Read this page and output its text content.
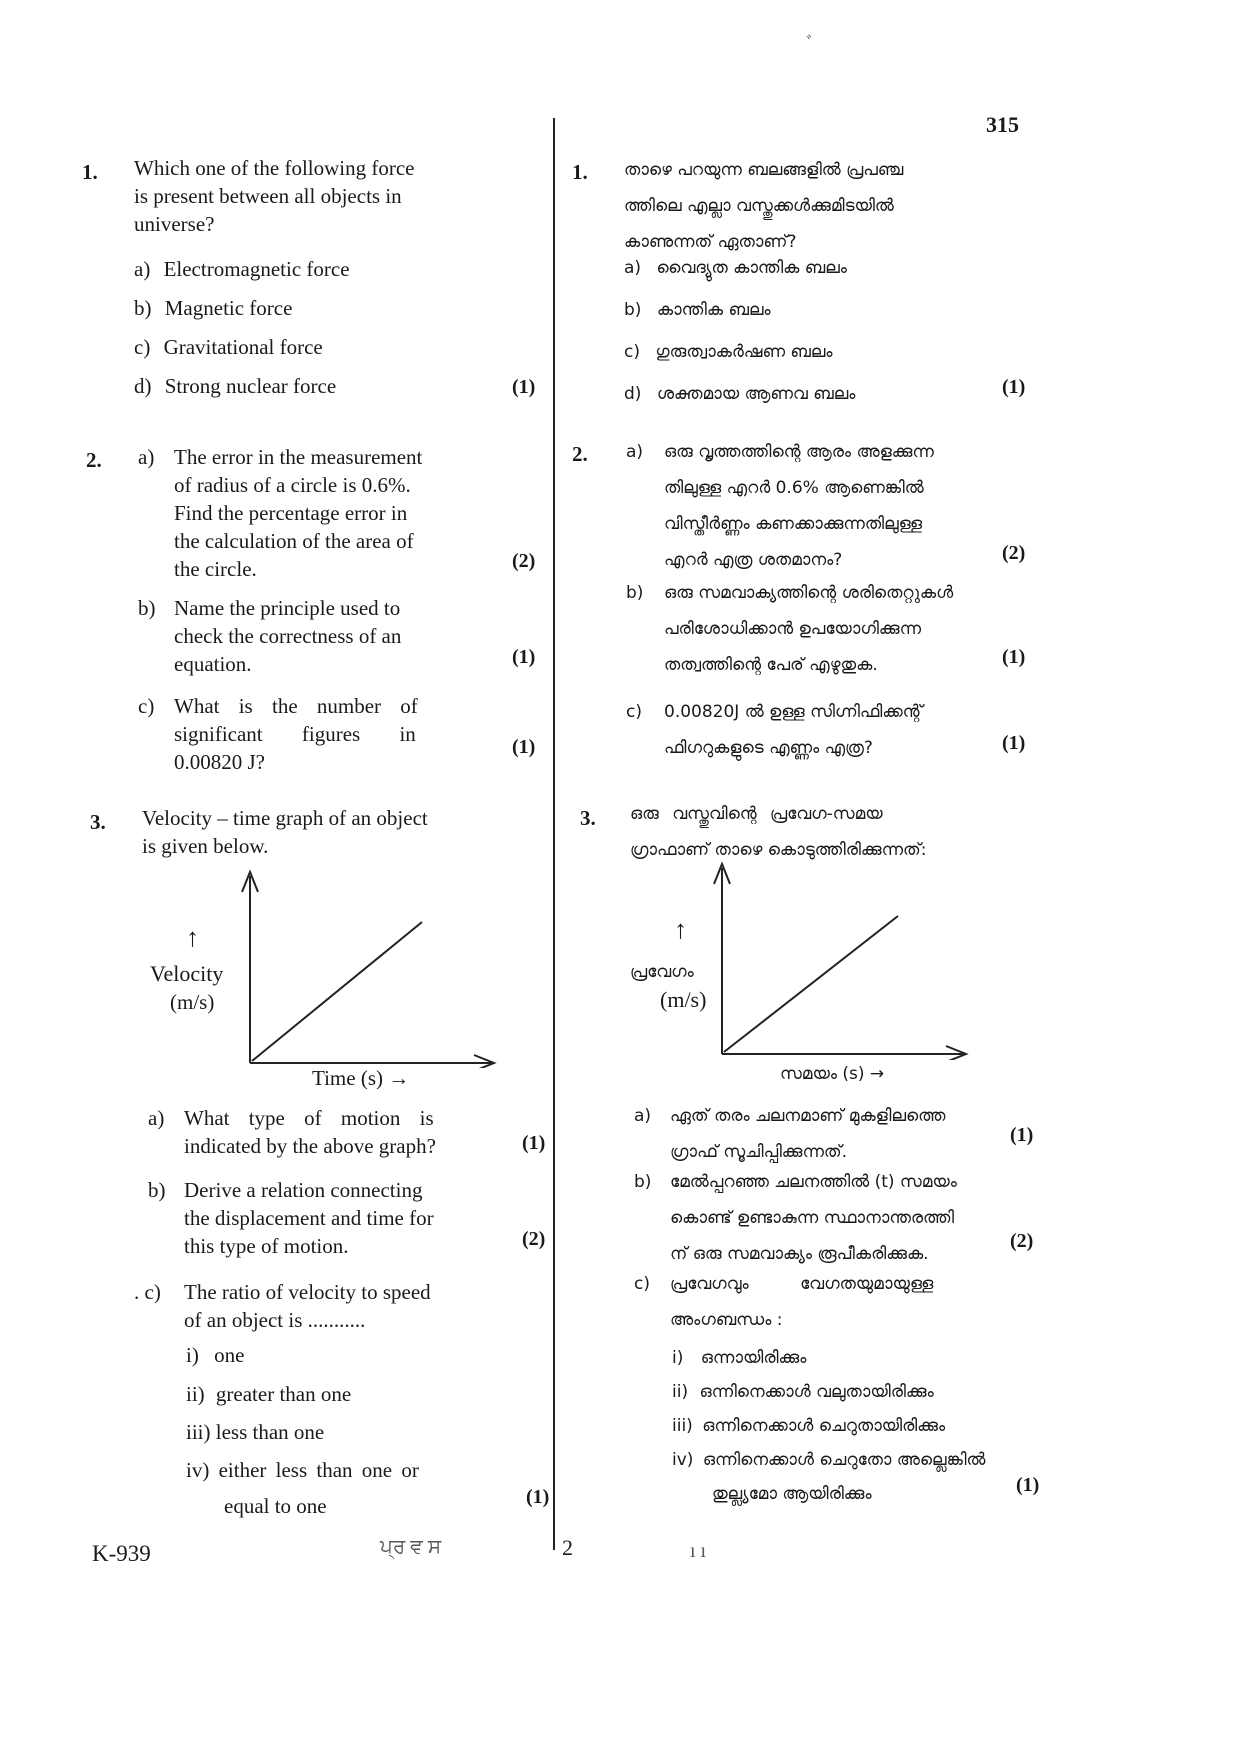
315
ﾞ
1. Which one of the following force
is present between all objects in
universe?
a) Electromagnetic force
b) Magnetic force
c) Gravitational force
d) Strong nuclear force	(1)
2. a) The error in the measurement
of radius of a circle is 0.6%.
Find the percentage error in
the calculation of the area of
the circle.	(2)
b) Name the principle used to
check the correctness of an
equation.	(1)
c) What is the number of
significant figures in
0.00820 J?
(1)
3. Velocity – time graph of an object
is given below.
↑
Velocity
(m/s)
Time (s) →
a) What type of motion is
indicated by the above graph?	(1)
b) Derive a relation connecting
the displacement and time for
this type of motion.	(2)
. c) The ratio of velocity to speed
of an object is ...........
i) one
ii) greater than one
iii) less than one
iv) either less than one or
equal to one	(1)
1. താഴെ പറയുന്ന ബലങ്ങളിൽ പ്രപഞ്ച
ത്തിലെ എല്ലാ വസ്തുക്കൾക്കുമിടയിൽ
കാണുന്നത് ഏതാണ്?
a) വൈദ്യുത കാന്തിക ബലം
b) കാന്തിക ബലം
c) ഗുരുത്വാകർഷണ ബലം
d) ശക്തമായ ആണവ ബലം	(1)
2. a) ഒരു വൃത്തത്തിന്റെ ആരം അളക്കുന്ന
തിലുള്ള എറർ 0.6% ആണെങ്കിൽ
വിസ്തീർണ്ണം കണക്കാക്കുന്നതിലുള്ള
എറർ എത്ര ശതമാനം?	(2)
b) ഒരു സമവാക്യത്തിന്റെ ശരിതെറ്റുകൾ
പരിശോധിക്കാൻ ഉപയോഗിക്കുന്ന
തത്വത്തിന്റെ പേര് എഴുതുക.	(1)
c) 0.00820J ൽ ഉള്ള സിഗ്നിഫിക്കന്റ്
ഫിഗറുകളുടെ എണ്ണം എത്ര?	(1)
3. ഒരു വസ്തുവിന്റെ പ്രവേഗ-സമയ
ഗ്രാഫാണ് താഴെ കൊടുത്തിരിക്കുന്നത്:
↑
പ്രവേഗം
(m/s)
സമയം (s) →
a) ഏത് തരം ചലനമാണ് മുകളിലത്തെ
ഗ്രാഫ് സൂചിപ്പിക്കുന്നത്.
(1)
b) മേൽപ്പറഞ്ഞ ചലനത്തിൽ (t) സമയം
കൊണ്ട് ഉണ്ടാകുന്ന സ്ഥാനാന്തരത്തി
ന് ഒരു സമവാക്യം രൂപീകരിക്കുക.
(2)
c) പ്രവേഗവും വേഗതയുമായുള്ള
അംഗബന്ധം :
i) ഒന്നായിരിക്കും
ii) ഒന്നിനെക്കാൾ വലുതായിരിക്കും
iii) ഒന്നിനെക്കാൾ ചെറുതായിരിക്കും
iv) ഒന്നിനെക്കാൾ ചെറുതോ അല്ലെങ്കിൽ
തുല്ല്യമോ ആയിരിക്കും	(1)
K-939	ਪ੍ਰ ਵ ਸ	2	ı ı
